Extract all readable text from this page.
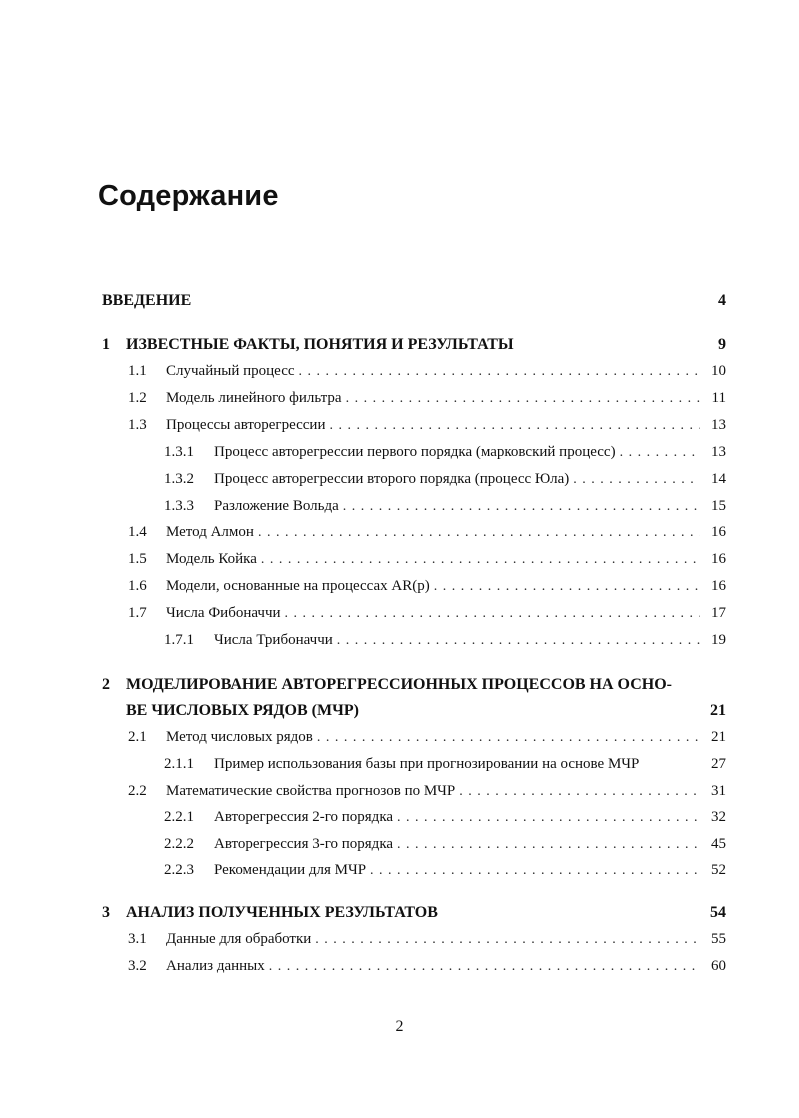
Содержание
ВВЕДЕНИЕ	4
1	ИЗВЕСТНЫЕ ФАКТЫ, ПОНЯТИЯ И РЕЗУЛЬТАТЫ	9
1.1	Случайный процесс . . .	10
1.2	Модель линейного фильтра . . .	11
1.3	Процессы авторегрессии . . .	13
1.3.1	Процесс авторегрессии первого порядка (марковский процесс) . . .	13
1.3.2	Процесс авторегрессии второго порядка (процесс Юла) . . .	14
1.3.3	Разложение Вольда . . .	15
1.4	Метод Алмон . . .	16
1.5	Модель Койка . . .	16
1.6	Модели, основанные на процессах AR(p) . . .	16
1.7	Числа Фибоначчи . . .	17
1.7.1	Числа Трибоначчи . . .	19
2	МОДЕЛИРОВАНИЕ АВТОРЕГРЕССИОННЫХ ПРОЦЕССОВ НА ОСНО-
ВЕ ЧИСЛОВЫХ РЯДОВ (МЧР)	21
2.1	Метод числовых рядов . . .	21
2.1.1	Пример использования базы при прогнозировании на основе МЧР	27
2.2	Математические свойства прогнозов по МЧР . . .	31
2.2.1	Авторегрессия 2-го порядка . . .	32
2.2.2	Авторегрессия 3-го порядка . . .	45
2.2.3	Рекомендации для МЧР . . .	52
3	АНАЛИЗ ПОЛУЧЕННЫХ РЕЗУЛЬТАТОВ	54
3.1	Данные для обработки . . .	55
3.2	Анализ данных . . .	60
2
